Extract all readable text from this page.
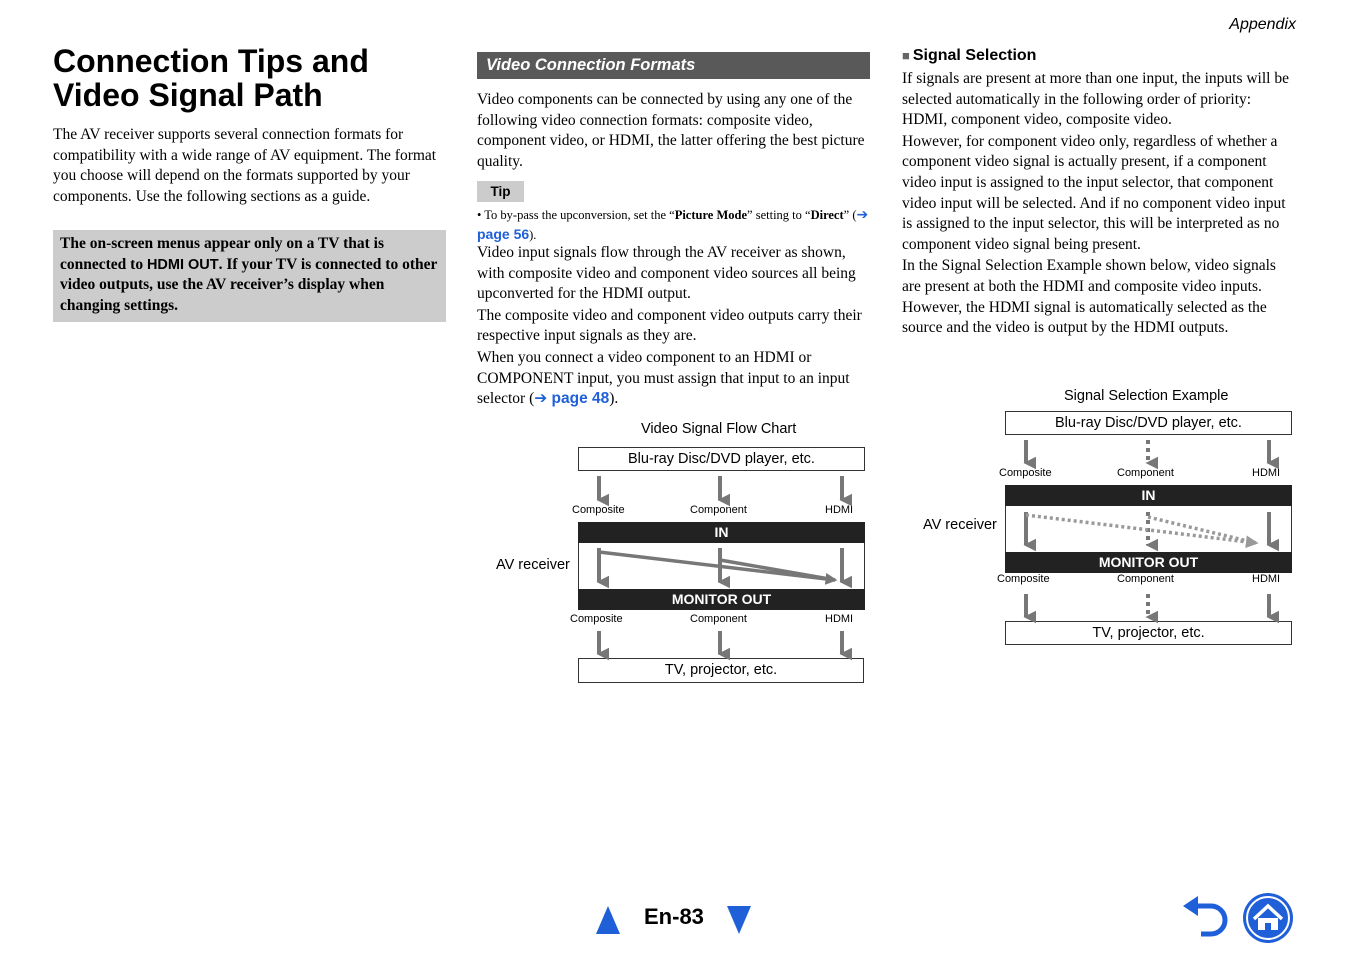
Appendix
Connection Tips and Video Signal Path
The AV receiver supports several connection formats for compatibility with a wide range of AV equipment. The format you choose will depend on the formats supported by your components. Use the following sections as a guide.
The on-screen menus appear only on a TV that is connected to HDMI OUT. If your TV is connected to other video outputs, use the AV receiver’s display when changing settings.
Video Connection Formats
Video components can be connected by using any one of the following video connection formats: composite video, component video, or HDMI, the latter offering the best picture quality.
Tip
• To by-pass the upconversion, set the “Picture Mode” setting to “Direct” (➔ page 56).

Video input signals flow through the AV receiver as shown, with composite video and component video sources all being upconverted for the HDMI output.

The composite video and component video outputs carry their respective input signals as they are.

When you connect a video component to an HDMI or COMPONENT input, you must assign that input to an input selector (➔ page 48).

■ Signal Selection

If signals are present at more than one input, the inputs will be selected automatically in the following order of priority: HDMI, component video, composite video.

However, for component video only, regardless of whether a component video signal is actually present, if a component video input is assigned to the input selector, that component video input will be selected. And if no component video input is assigned to the input selector, this will be interpreted as no component video signal being present.

In the Signal Selection Example shown below, video signals are present at both the HDMI and composite video inputs. However, the HDMI signal is automatically selected as the source and the video is output by the HDMI outputs.

Video Signal Flow Chart
Blu-ray Disc/DVD player, etc.
Composite	Component	HDMI
IN
MONITOR OUT
AV receiver
Composite	Component	HDMI
TV, projector, etc.
Signal Selection Example
Blu-ray Disc/DVD player, etc.
Composite	Component	HDMI
IN
MONITOR OUT
AV receiver
Composite	Component	HDMI
TV, projector, etc.
En-83
